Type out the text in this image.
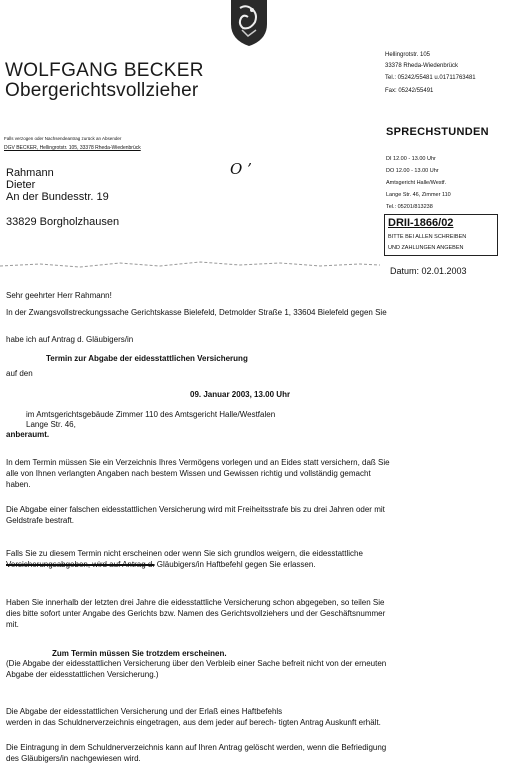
WOLFGANG BECKER
Obergerichtsvollzieher
Hellingrotstr. 105
33378 Rheda-Wiedenbrück
Tel.: 05242/55481 u.01711763481
Fax: 05242/55491
Falls verzogen oder Nachsendeantrag zurück an Absender
DGV BECKER, Hellingrotstr. 105, 33378 Rheda-Wiedenbrück
Rahmann
Dieter
An der Bundesstr. 19
33829 Borgholzhausen
O ’
SPRECHSTUNDEN
DI 12.00 - 13.00 Uhr
DO 12.00 - 13.00 Uhr
Amtsgericht Halle/Westf.
Lange Str. 46, Zimmer 110
Tel.: 05201/813238
DRII-1866/02
BITTE BEI ALLEN SCHREIBEN
UND ZAHLUNGEN ANGEBEN
Datum: 02.01.2003
Sehr geehrter Herr Rahmann!
In der Zwangsvollstreckungssache Gerichtskasse Bielefeld, Detmolder Straße 1, 33604 Bielefeld gegen Sie
habe ich auf Antrag d. Gläubigers/in
Termin zur Abgabe der eidesstattlichen Versicherung
auf den
09. Januar 2003, 13.00 Uhr
im Amtsgerichtsgebäude Zimmer 110 des Amtsgericht Halle/Westfalen
Lange Str. 46,
anberaumt.
In dem Termin müssen Sie ein Verzeichnis Ihres Vermögens vorlegen und an Eides statt versichern, daß Sie
alle von Ihnen verlangten Angaben nach bestem Wissen und Gewissen richtig und vollständig gemacht
haben.
Die Abgabe einer falschen eidesstattlichen Versicherung wird mit Freiheitsstrafe bis zu drei Jahren oder mit
Geldstrafe bestraft.
Falls Sie zu diesem Termin nicht erscheinen oder wenn Sie sich grundlos weigern, die eidesstattliche
Versicherungsabgeben, wird auf Antrag d. Gläubigers/in Haftbefehl gegen Sie erlassen.
Haben Sie innerhalb der letzten drei Jahre die eidesstattliche Versicherung schon abgegeben, so teilen Sie
dies bitte sofort unter Angabe des Gerichts bzw. Namen des Gerichtsvollziehers und der Geschäftsnummer
mit.
Zum Termin müssen Sie trotzdem erscheinen.
(Die Abgabe der eidesstattlichen Versicherung über den Verbleib einer Sache befreit nicht von der erneuten
Abgabe der eidesstattlichen Versicherung.)
Die Abgabe der eidesstattlichen Versicherung und der Erlaß eines Haftbefehls
werden in das Schuldnerverzeichnis eingetragen, aus dem jeder auf berech- tigten Antrag Auskunft erhält.
Die Eintragung in dem Schuldnerverzeichnis kann auf Ihren Antrag gelöscht werden, wenn die Befriedigung
des Gläubigers/in nachgewiesen wird.
